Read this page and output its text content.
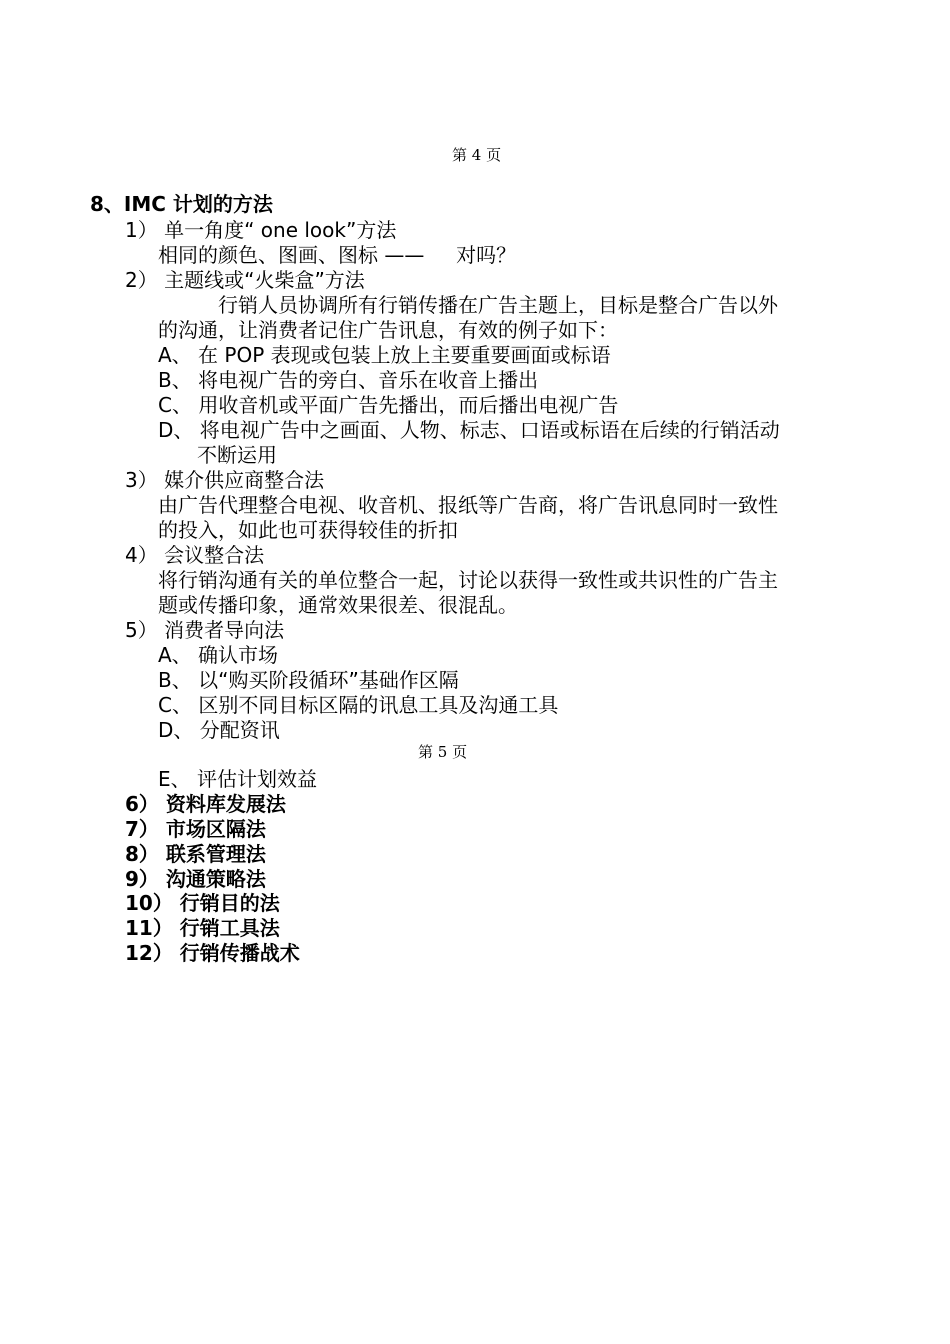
第 4 页
8、IMC 计划的方法
1） 单一角度“ one look”方法
相同的颜色、图画、图标 ——     对吗？
2） 主题线或“火柴盒”方法
行销人员协调所有行销传播在广告主题上，目标是整合广告以外
的沟通，让消费者记住广告讯息，有效的例子如下：
A、 在 POP 表现或包装上放上主要重要画面或标语
B、 将电视广告的旁白、音乐在收音上播出
C、 用收音机或平面广告先播出，而后播出电视广告
D、 将电视广告中之画面、人物、标志、口语或标语在后续的行销活动
不断运用
3） 媒介供应商整合法
由广告代理整合电视、收音机、报纸等广告商，将广告讯息同时一致性
的投入，如此也可获得较佳的折扣
4） 会议整合法
将行销沟通有关的单位整合一起，讨论以获得一致性或共识性的广告主
题或传播印象，通常效果很差、很混乱。
5） 消费者导向法
A、 确认市场
B、 以“购买阶段循环”基础作区隔
C、 区别不同目标区隔的讯息工具及沟通工具
D、 分配资讯
第 5 页
E、 评估计划效益
6） 资料库发展法
7） 市场区隔法
8） 联系管理法
9） 沟通策略法
10） 行销目的法
11） 行销工具法
12） 行销传播战术
